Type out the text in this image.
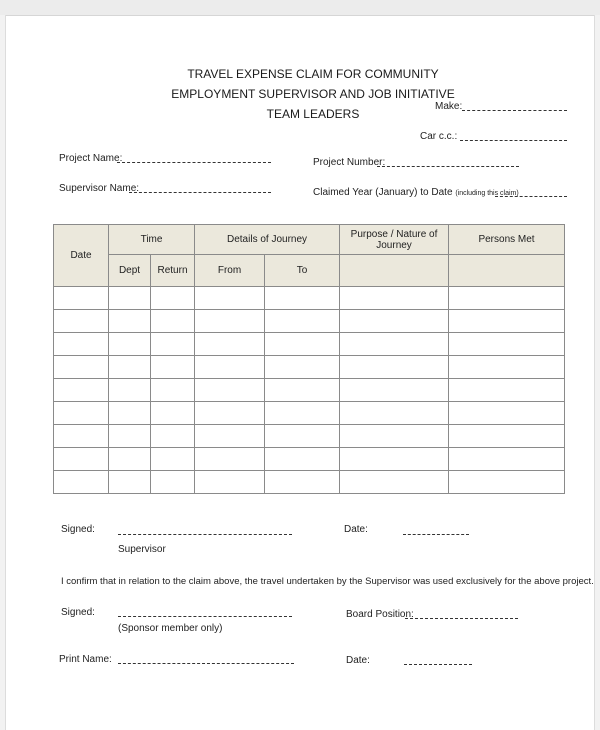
TRAVEL EXPENSE CLAIM FOR COMMUNITY
EMPLOYMENT SUPERVISOR AND JOB INITIATIVE
TEAM LEADERS
Make:
Car c.c.:
Project Name:	Project Number:
Supervisor Name:	Claimed Year (January) to Date (including this claim)
Date	Time		Details of Journey		Purpose / Nature of Journey	Persons Met
	Dept	Return	From	To		

Signed:
Supervisor
Date:
I confirm that in relation to the claim above, the travel undertaken by the Supervisor was used exclusively for the above project.
Signed:
(Sponsor member only)
Board Position:
Print Name:	Date:
